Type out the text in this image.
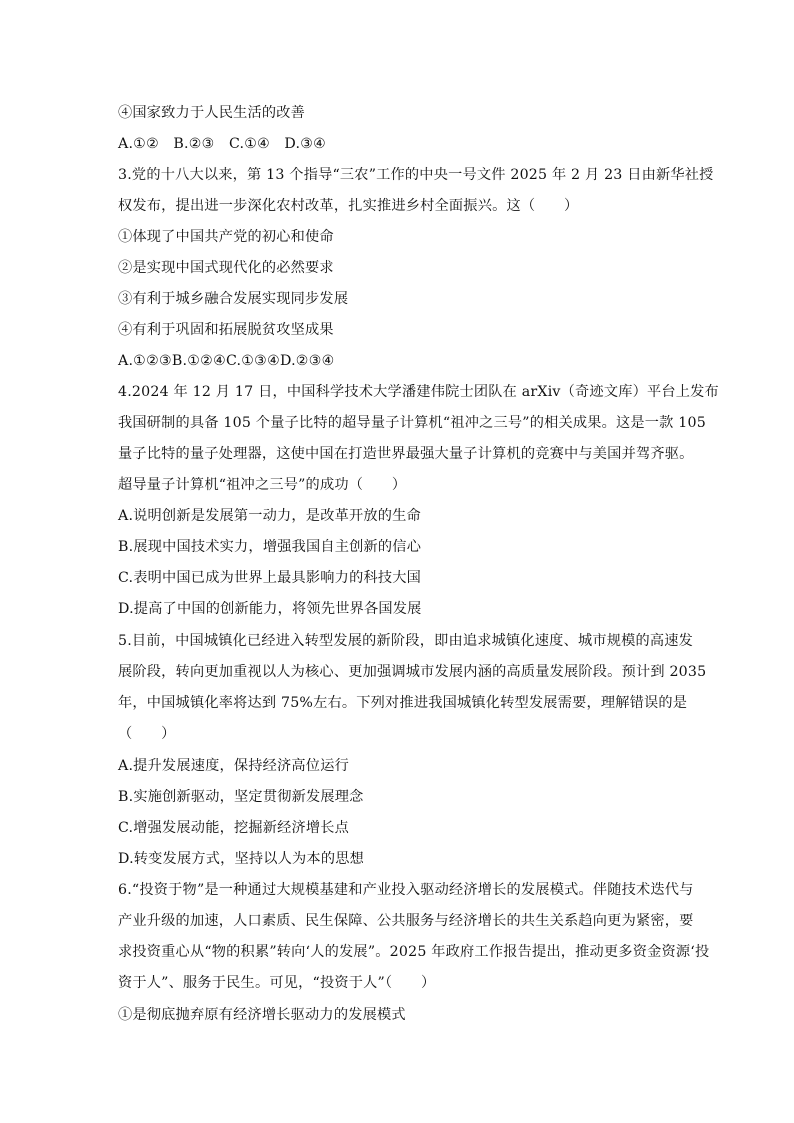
④国家致力于人民生活的改善
A.①②　B.②③　C.①④　D.③④
3.党的十八大以来，第 13 个指导“三农”工作的中央一号文件 2025 年 2 月 23 日由新华社授
权发布，提出进一步深化农村改革，扎实推进乡村全面振兴。这（　　）
①体现了中国共产党的初心和使命
②是实现中国式现代化的必然要求
③有利于城乡融合发展实现同步发展
④有利于巩固和拓展脱贫攻坚成果
A.①②③B.①②④C.①③④D.②③④
4.2024 年 12 月 17 日，中国科学技术大学潘建伟院士团队在 arXiv（奇迹文库）平台上发布
我国研制的具备 105 个量子比特的超导量子计算机“祖冲之三号”的相关成果。这是一款 105
量子比特的量子处理器，这使中国在打造世界最强大量子计算机的竞赛中与美国并驾齐驱。
超导量子计算机“祖冲之三号”的成功（　　）
A.说明创新是发展第一动力，是改革开放的生命
B.展现中国技术实力，增强我国自主创新的信心
C.表明中国已成为世界上最具影响力的科技大国
D.提高了中国的创新能力，将领先世界各国发展
5.目前，中国城镇化已经进入转型发展的新阶段，即由追求城镇化速度、城市规模的高速发
展阶段，转向更加重视以人为核心、更加强调城市发展内涵的高质量发展阶段。预计到 2035
年，中国城镇化率将达到 75%左右。下列对推进我国城镇化转型发展需要，理解错误的是
（　　）
A.提升发展速度，保持经济高位运行
B.实施创新驱动，坚定贯彻新发展理念
C.增强发展动能，挖掘新经济增长点
D.转变发展方式，坚持以人为本的思想
6.“投资于物”是一种通过大规模基建和产业投入驱动经济增长的发展模式。伴随技术迭代与
产业升级的加速，人口素质、民生保障、公共服务与经济增长的共生关系趋向更为紧密，要
求投资重心从“物的积累”转向‘人的发展”。2025 年政府工作报告提出，推动更多资金资源‘投
资于人”、服务于民生。可见，“投资于人”（　　）
①是彻底抛弃原有经济增长驱动力的发展模式
